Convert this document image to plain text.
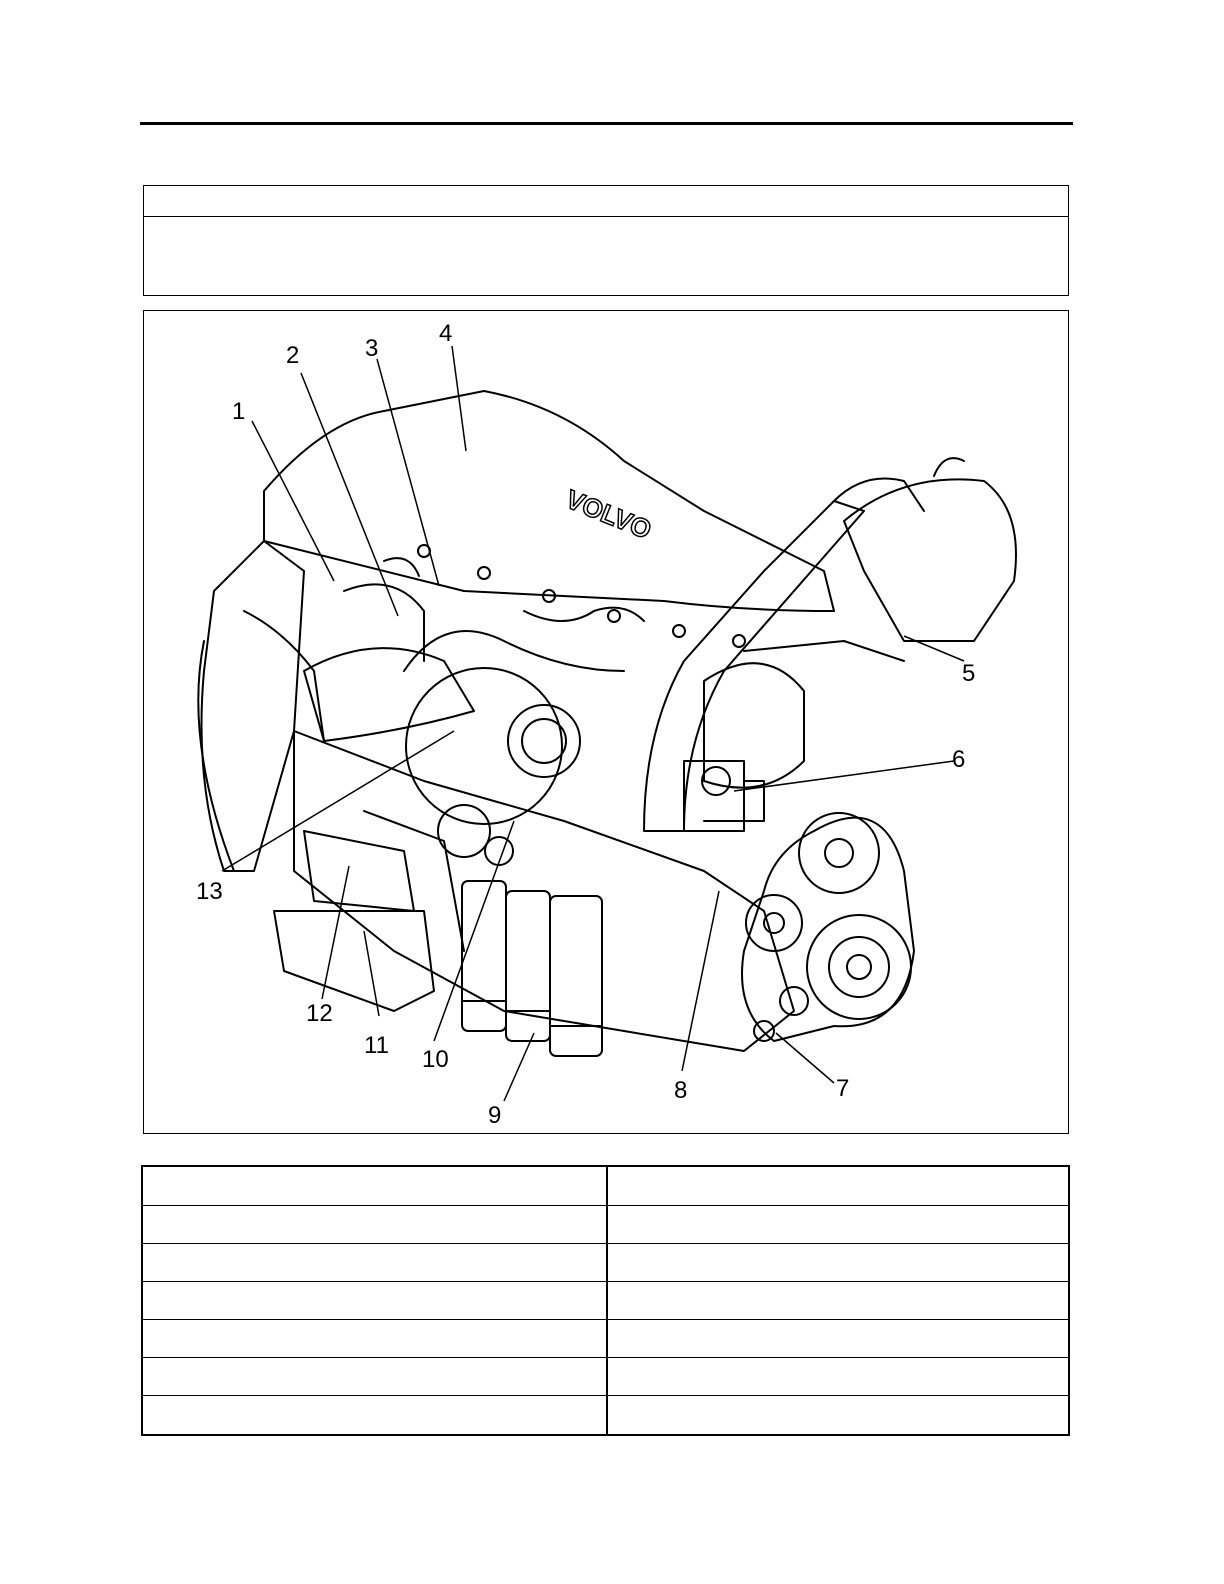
VOLVO
1
2	3
4
5
6
7
8
9
10
11
12
13
